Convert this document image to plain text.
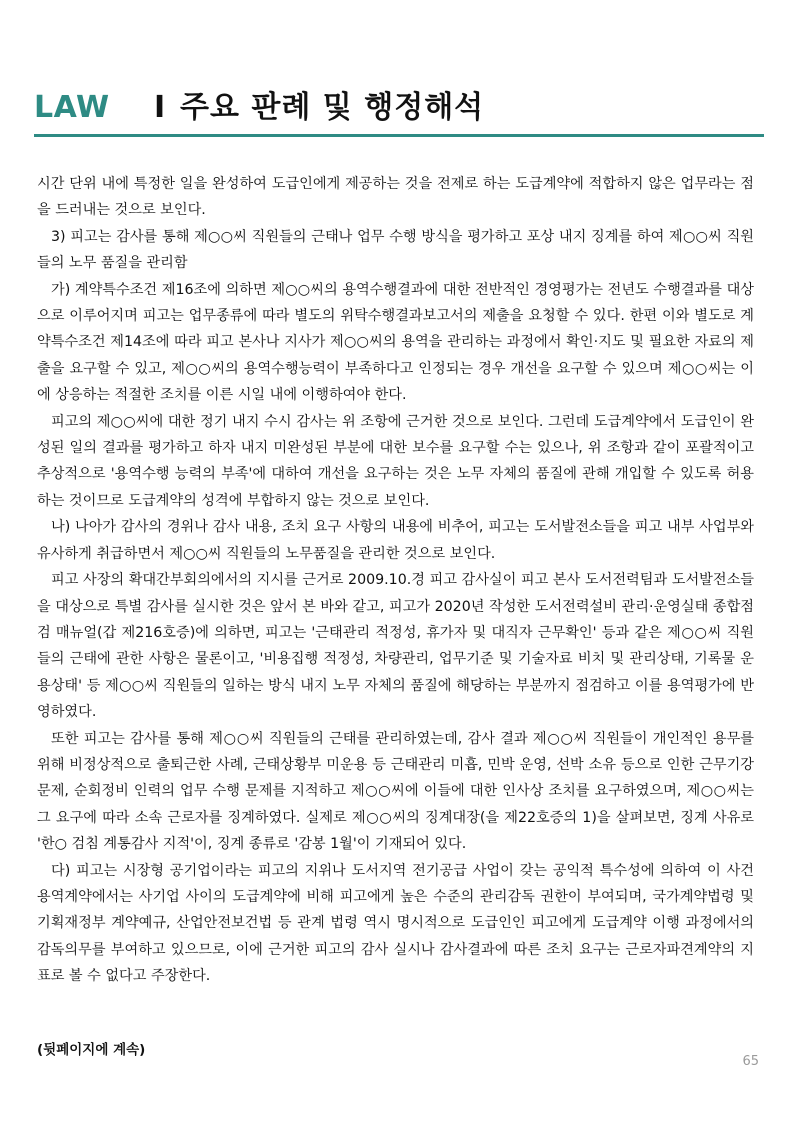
LAW I 주요 판례 및 행정해석

시간 단위 내에 특정한 일을 완성하여 도급인에게 제공하는 것을 전제로 하는 도급계약에 적합하지 않은 업무라는 점을 드러내는 것으로 보인다.

3) 피고는 감사를 통해 제○○씨 직원들의 근태나 업무 수행 방식을 평가하고 포상 내지 징계를 하여 제○○씨 직원들의 노무 품질을 관리함

가) 계약특수조건 제16조에 의하면 제○○씨의 용역수행결과에 대한 전반적인 경영평가는 전년도 수행결과를 대상으로 이루어지며 피고는 업무종류에 따라 별도의 위탁수행결과보고서의 제출을 요청할 수 있다. 한편 이와 별도로 계약특수조건 제14조에 따라 피고 본사나 지사가 제○○씨의 용역을 관리하는 과정에서 확인·지도 및 필요한 자료의 제출을 요구할 수 있고, 제○○씨의 용역수행능력이 부족하다고 인정되는 경우 개선을 요구할 수 있으며 제○○씨는 이에 상응하는 적절한 조치를 이른 시일 내에 이행하여야 한다.

피고의 제○○씨에 대한 정기 내지 수시 감사는 위 조항에 근거한 것으로 보인다. 그런데 도급계약에서 도급인이 완성된 일의 결과를 평가하고 하자 내지 미완성된 부분에 대한 보수를 요구할 수는 있으나, 위 조항과 같이 포괄적이고 추상적으로 '용역수행 능력의 부족'에 대하여 개선을 요구하는 것은 노무 자체의 품질에 관해 개입할 수 있도록 허용하는 것이므로 도급계약의 성격에 부합하지 않는 것으로 보인다.

나) 나아가 감사의 경위나 감사 내용, 조치 요구 사항의 내용에 비추어, 피고는 도서발전소들을 피고 내부 사업부와 유사하게 취급하면서 제○○씨 직원들의 노무품질을 관리한 것으로 보인다.

피고 사장의 확대간부회의에서의 지시를 근거로 2009.10.경 피고 감사실이 피고 본사 도서전력팀과 도서발전소들을 대상으로 특별 감사를 실시한 것은 앞서 본 바와 같고, 피고가 2020년 작성한 도서전력설비 관리·운영실태 종합점검 매뉴얼(갑 제216호증)에 의하면, 피고는 '근태관리 적정성, 휴가자 및 대직자 근무확인' 등과 같은 제○○씨 직원들의 근태에 관한 사항은 물론이고, '비용집행 적정성, 차량관리, 업무기준 및 기술자료 비치 및 관리상태, 기록물 운용상태' 등 제○○씨 직원들의 일하는 방식 내지 노무 자체의 품질에 해당하는 부분까지 점검하고 이를 용역평가에 반영하였다.

또한 피고는 감사를 통해 제○○씨 직원들의 근태를 관리하였는데, 감사 결과 제○○씨 직원들이 개인적인 용무를 위해 비정상적으로 출퇴근한 사례, 근태상황부 미운용 등 근태관리 미흡, 민박 운영, 선박 소유 등으로 인한 근무기강 문제, 순회정비 인력의 업무 수행 문제를 지적하고 제○○씨에 이들에 대한 인사상 조치를 요구하였으며, 제○○씨는 그 요구에 따라 소속 근로자를 징계하였다. 실제로 제○○씨의 징계대장(을 제22호증의 1)을 살펴보면, 징계 사유로 '한○ 검침 계통감사 지적'이, 징계 종류로 '감봉 1월'이 기재되어 있다.

다) 피고는 시장형 공기업이라는 피고의 지위나 도서지역 전기공급 사업이 갖는 공익적 특수성에 의하여 이 사건 용역계약에서는 사기업 사이의 도급계약에 비해 피고에게 높은 수준의 관리감독 권한이 부여되며, 국가계약법령 및 기획재정부 계약예규, 산업안전보건법 등 관계 법령 역시 명시적으로 도급인인 피고에게 도급계약 이행 과정에서의 감독의무를 부여하고 있으므로, 이에 근거한 피고의 감사 실시나 감사결과에 따른 조치 요구는 근로자파견계약의 지표로 볼 수 없다고 주장한다.

(뒷페이지에 계속)
65
